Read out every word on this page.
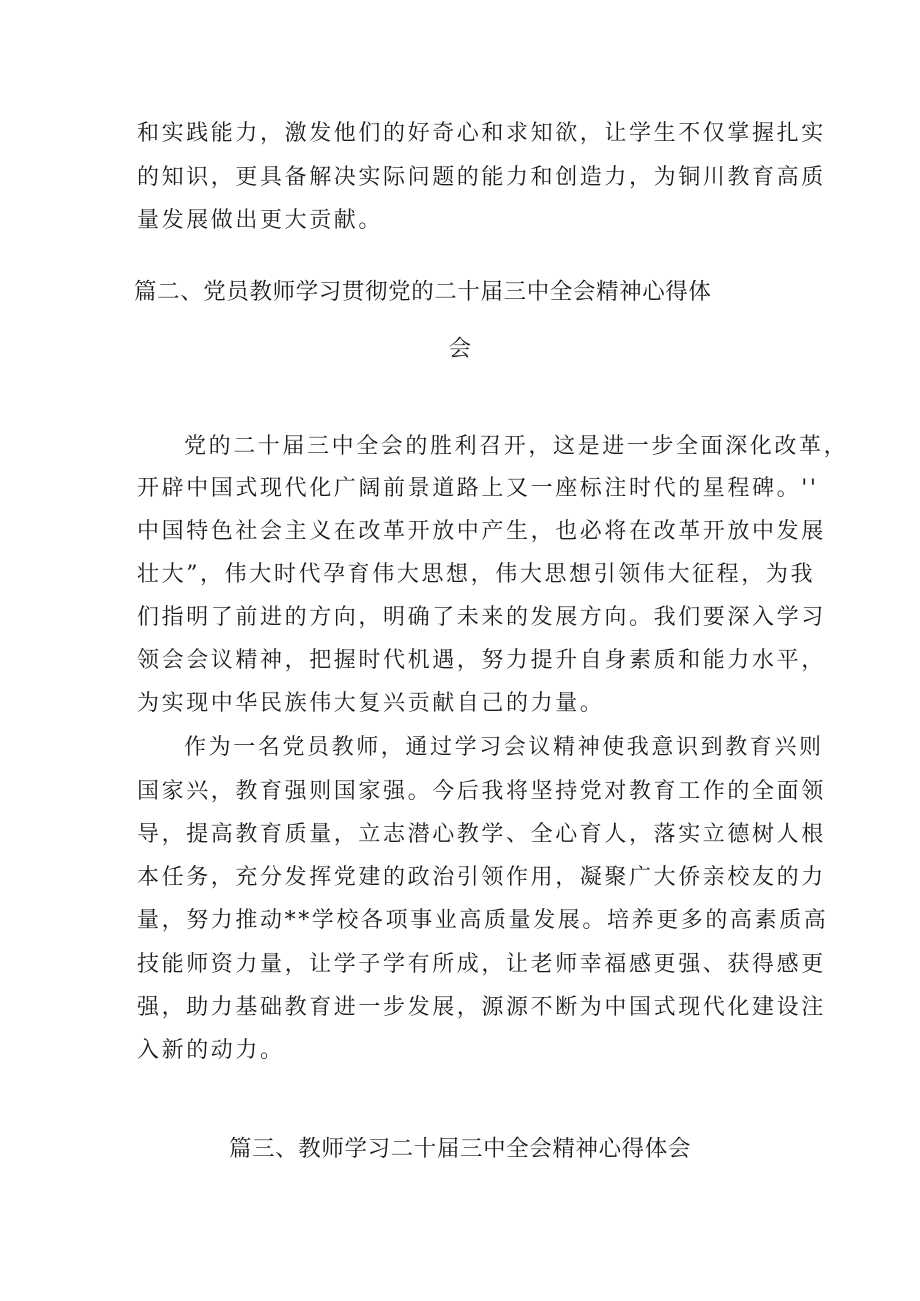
和实践能力，激发他们的好奇心和求知欲，让学生不仅掌握扎实
的知识，更具备解决实际问题的能力和创造力，为铜川教育高质
量发展做出更大贡献。
篇二、党员教师学习贯彻党的二十届三中全会精神心得体
会
党的二十届三中全会的胜利召开，这是进一步全面深化改革，
开辟中国式现代化广阔前景道路上又一座标注时代的星程碑。''
中国特色社会主义在改革开放中产生，也必将在改革开放中发展
壮大”，伟大时代孕育伟大思想，伟大思想引领伟大征程，为我
们指明了前进的方向，明确了未来的发展方向。我们要深入学习
领会会议精神，把握时代机遇，努力提升自身素质和能力水平，
为实现中华民族伟大复兴贡献自己的力量。
作为一名党员教师，通过学习会议精神使我意识到教育兴则
国家兴，教育强则国家强。今后我将坚持党对教育工作的全面领
导，提高教育质量，立志潜心教学、全心育人，落实立德树人根
本任务，充分发挥党建的政治引领作用，凝聚广大侨亲校友的力
量，努力推动**学校各项事业高质量发展。培养更多的高素质高
技能师资力量，让学子学有所成，让老师幸福感更强、获得感更
强，助力基础教育进一步发展，源源不断为中国式现代化建设注
入新的动力。
篇三、教师学习二十届三中全会精神心得体会
